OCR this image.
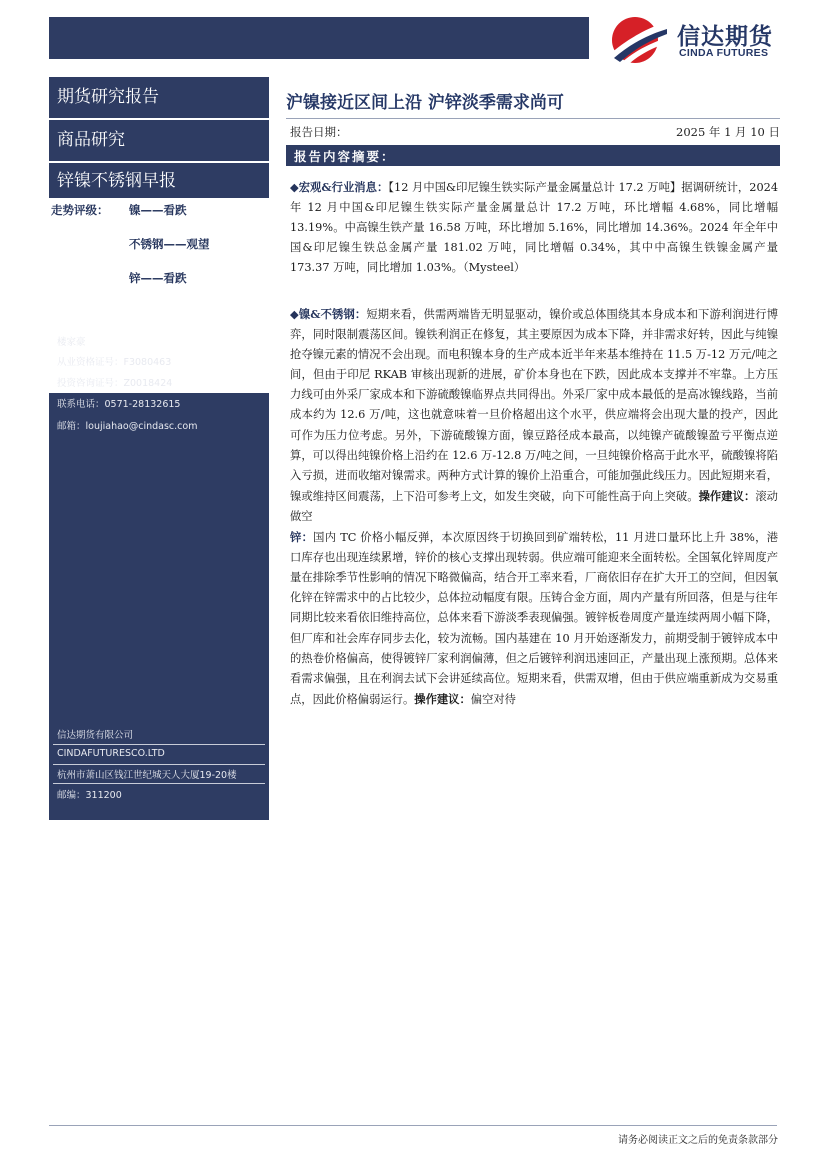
信达期货
CINDA FUTURES
期货研究报告
商品研究
锌镍不锈钢早报
走势评级： 镍——看跌
不锈钢——观望
锌——看跌
楼家豪
从业资格证号：F3080463
投资咨询证号：Z0018424
联系电话：0571-28132615
邮箱：loujiahao@cindasc.com
信达期货有限公司
CINDAFUTURESCO.LTD
杭州市萧山区钱江世纪城天人大厦19-20楼
邮编：311200
沪镍接近区间上沿 沪锌淡季需求尚可
报告日期：	2025 年 1 月 10 日
报告内容摘要：
◆宏观&行业消息：【12 月中国&印尼镍生铁实际产量金属量总计 17.2 万吨】据调研统计，2024 年 12 月中国&印尼镍生铁实际产量金属量总计 17.2 万吨，环比增幅 4.68%，同比增幅 13.19%。中高镍生铁产量 16.58 万吨，环比增加 5.16%，同比增加 14.36%。2024 年全年中国&印尼镍生铁总金属产量 181.02 万吨，同比增幅 0.34%，其中中高镍生铁镍金属产量 173.37 万吨，同比增加 1.03%。（Mysteel）
◆镍&不锈钢：短期来看，供需两端皆无明显驱动，镍价或总体围绕其本身成本和下游利润进行博弈，同时限制震荡区间。镍铁利润正在修复，其主要原因为成本下降，并非需求好转，因此与纯镍抢夺镍元素的情况不会出现。而电积镍本身的生产成本近半年来基本维持在 11.5 万-12 万元/吨之间，但由于印尼 RKAB 审核出现新的进展，矿价本身也在下跌，因此成本支撑并不牢靠。上方压力线可由外采厂家成本和下游硫酸镍临界点共同得出。外采厂家中成本最低的是高冰镍线路，当前成本约为 12.6 万/吨，这也就意味着一旦价格超出这个水平，供应端将会出现大量的投产，因此可作为压力位考虑。另外，下游硫酸镍方面，镍豆路径成本最高，以纯镍产硫酸镍盈亏平衡点逆算，可以得出纯镍价格上沿约在 12.6 万-12.8 万/吨之间，一旦纯镍价格高于此水平，硫酸镍将陷入亏损，进而收缩对镍需求。两种方式计算的镍价上沿重合，可能加强此线压力。因此短期来看，镍或维持区间震荡，上下沿可参考上文，如发生突破，向下可能性高于向上突破。操作建议：滚动做空
锌：国内 TC 价格小幅反弹，本次原因终于切换回到矿端转松，11 月进口量环比上升 38%，港口库存也出现连续累增，锌价的核心支撑出现转弱。供应端可能迎来全面转松。全国氧化锌周度产量在排除季节性影响的情况下略微偏高，结合开工率来看，厂商依旧存在扩大开工的空间，但因氧化锌在锌需求中的占比较少，总体拉动幅度有限。压铸合金方面，周内产量有所回落，但是与往年同期比较来看依旧维持高位，总体来看下游淡季表现偏强。镀锌板卷周度产量连续两周小幅下降，但厂库和社会库存同步去化，较为流畅。国内基建在 10 月开始逐渐发力，前期受制于镀锌成本中的热卷价格偏高，使得镀锌厂家利润偏薄，但之后镀锌利润迅速回正，产量出现上涨预期。总体来看需求偏强，且在利润去试下会讲延续高位。短期来看，供需双增，但由于供应端重新成为交易重点，因此价格偏弱运行。操作建议：偏空对待
请务必阅读正文之后的免责条款部分
